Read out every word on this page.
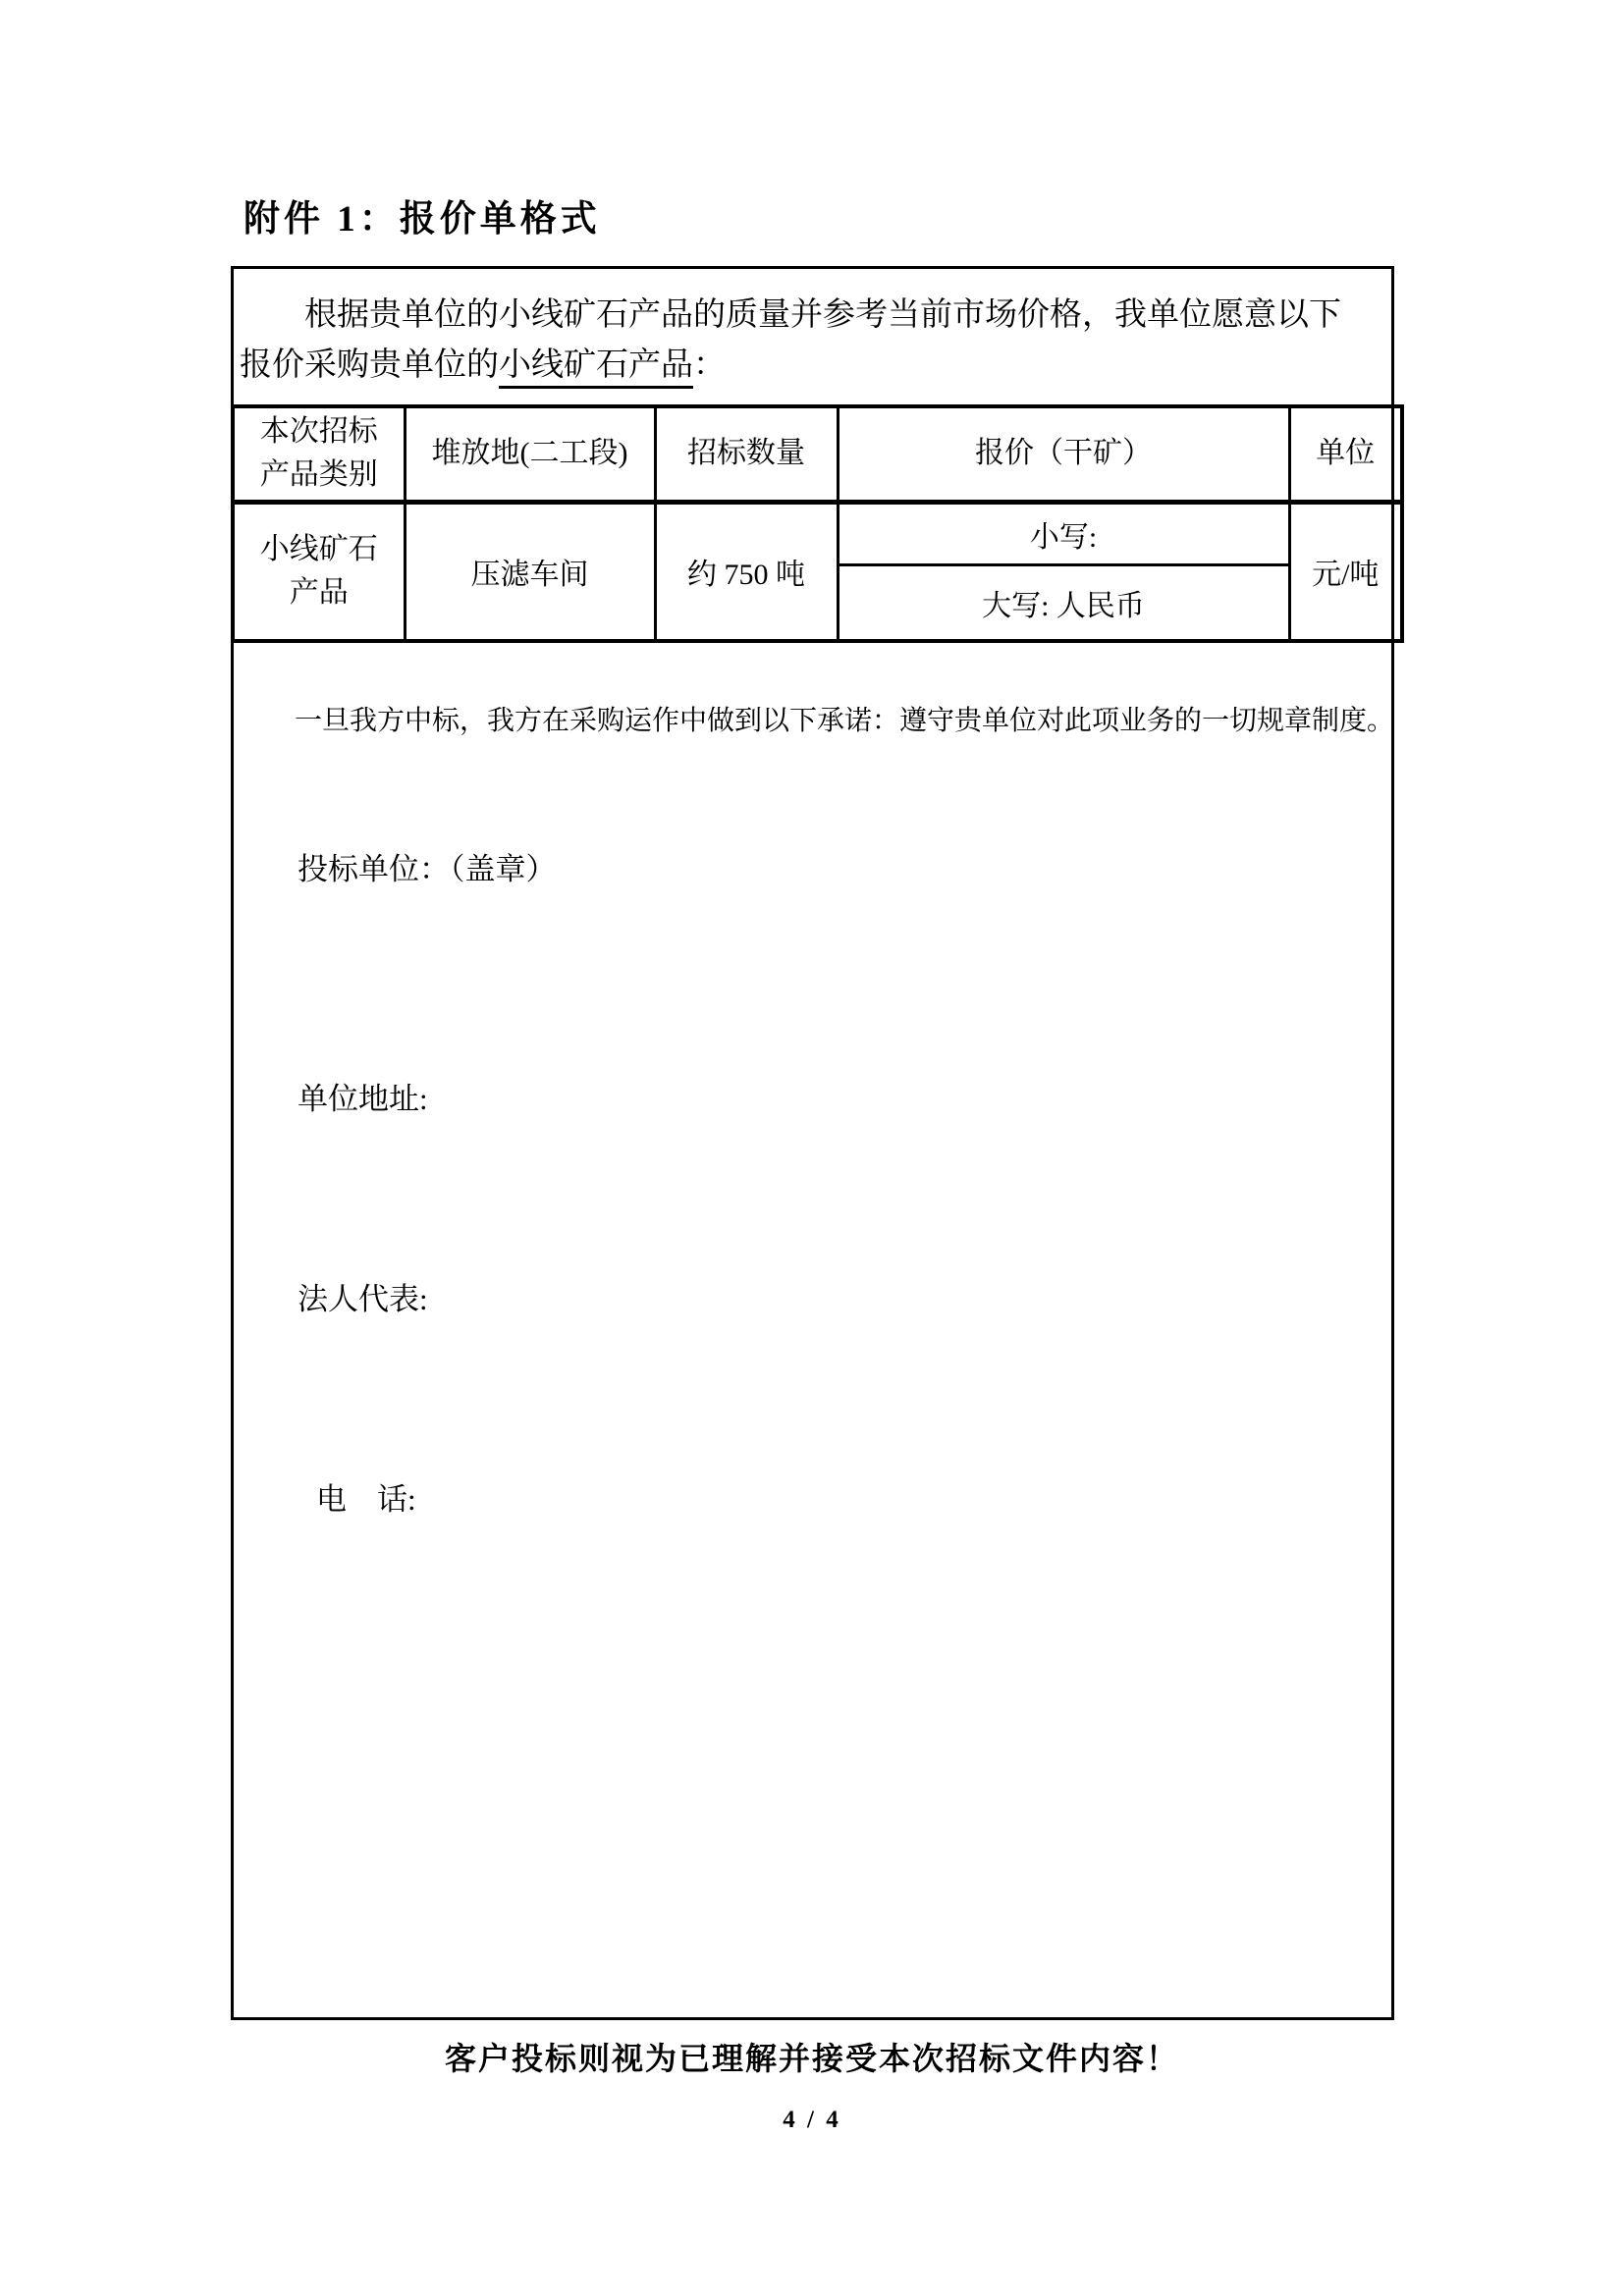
附件 1：报价单格式
根据贵单位的小线矿石产品的质量并参考当前市场价格，我单位愿意以下
报价采购贵单位的小线矿石产品：
本次招标
产品类别	堆放地(二工段)	招标数量	报价（干矿）	单位

小线矿石
产品	压滤车间	约 750 吨	小写:	元/吨
			大写: 人民币	
一旦我方中标，我方在采购运作中做到以下承诺：遵守贵单位对此项业务的一切规章制度。
投标单位：（盖章）
单位地址:
法人代表:
电　话:
客户投标则视为已理解并接受本次招标文件内容！
4 / 4
